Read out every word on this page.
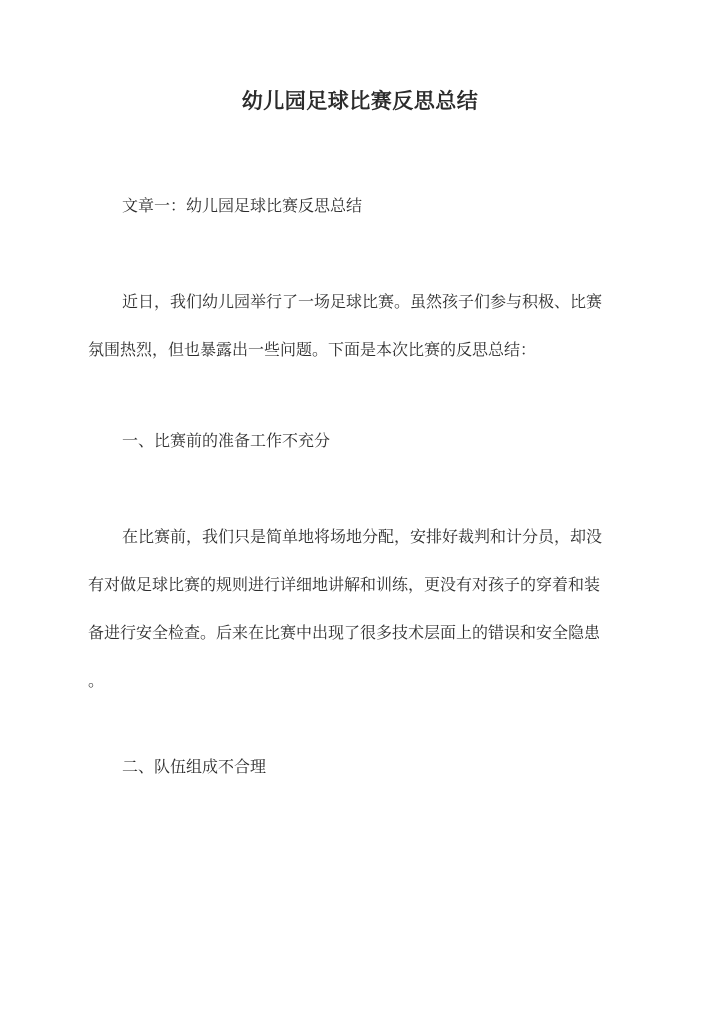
幼儿园足球比赛反思总结

文章一：幼儿园足球比赛反思总结

近日，我们幼儿园举行了一场足球比赛。虽然孩子们参与积极、比赛
氛围热烈，但也暴露出一些问题。下面是本次比赛的反思总结：

一、比赛前的准备工作不充分

在比赛前，我们只是简单地将场地分配，安排好裁判和计分员，却没
有对做足球比赛的规则进行详细地讲解和训练，更没有对孩子的穿着和装
备进行安全检查。后来在比赛中出现了很多技术层面上的错误和安全隐患
。

二、队伍组成不合理
